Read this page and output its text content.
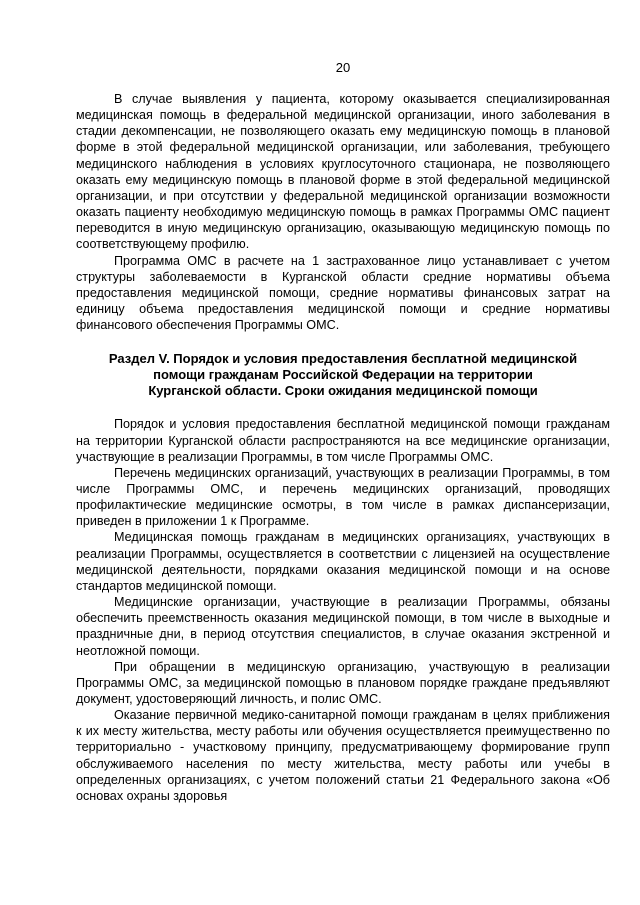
20

В случае выявления у пациента, которому оказывается специализированная медицинская помощь в федеральной медицинской организации, иного заболевания в стадии декомпенсации, не позволяющего оказать ему медицинскую помощь в плановой форме в этой федеральной медицинской организации, или заболевания, требующего медицинского наблюдения в условиях круглосуточного стационара, не позволяющего оказать ему медицинскую помощь в плановой форме в этой федеральной медицинской организации, и при отсутствии у федеральной медицинской организации возможности оказать пациенту необходимую медицинскую помощь в рамках Программы ОМС пациент переводится в иную медицинскую организацию, оказывающую медицинскую помощь по соответствующему профилю.

Программа ОМС в расчете на 1 застрахованное лицо устанавливает с учетом структуры заболеваемости в Курганской области средние нормативы объема предоставления медицинской помощи, средние нормативы финансовых затрат на единицу объема предоставления медицинской помощи и средние нормативы финансового обеспечения Программы ОМС.

Раздел V. Порядок и условия предоставления бесплатной медицинской
помощи гражданам Российской Федерации на территории
Курганской области. Сроки ожидания медицинской помощи

Порядок и условия предоставления бесплатной медицинской помощи гражданам на территории Курганской области распространяются на все медицинские организации, участвующие в реализации Программы, в том числе Программы ОМС.

Перечень медицинских организаций, участвующих в реализации Программы, в том числе Программы ОМС, и перечень медицинских организаций, проводящих профилактические медицинские осмотры, в том числе в рамках диспансеризации, приведен в приложении 1 к Программе.

Медицинская помощь гражданам в медицинских организациях, участвующих в реализации Программы, осуществляется в соответствии с лицензией на осуществление медицинской деятельности, порядками оказания медицинской помощи и на основе стандартов медицинской помощи.

Медицинские организации, участвующие в реализации Программы, обязаны обеспечить преемственность оказания медицинской помощи, в том числе в выходные и праздничные дни, в период отсутствия специалистов, в случае оказания экстренной и неотложной помощи.

При обращении в медицинскую организацию, участвующую в реализации Программы ОМС, за медицинской помощью в плановом порядке граждане предъявляют документ, удостоверяющий личность, и полис ОМС.

Оказание первичной медико-санитарной помощи гражданам в целях приближения к их месту жительства, месту работы или обучения осуществляется преимущественно по территориально - участковому принципу, предусматривающему формирование групп обслуживаемого населения по месту жительства, месту работы или учебы в определенных организациях, с учетом положений статьи 21 Федерального закона «Об основах охраны здоровья
